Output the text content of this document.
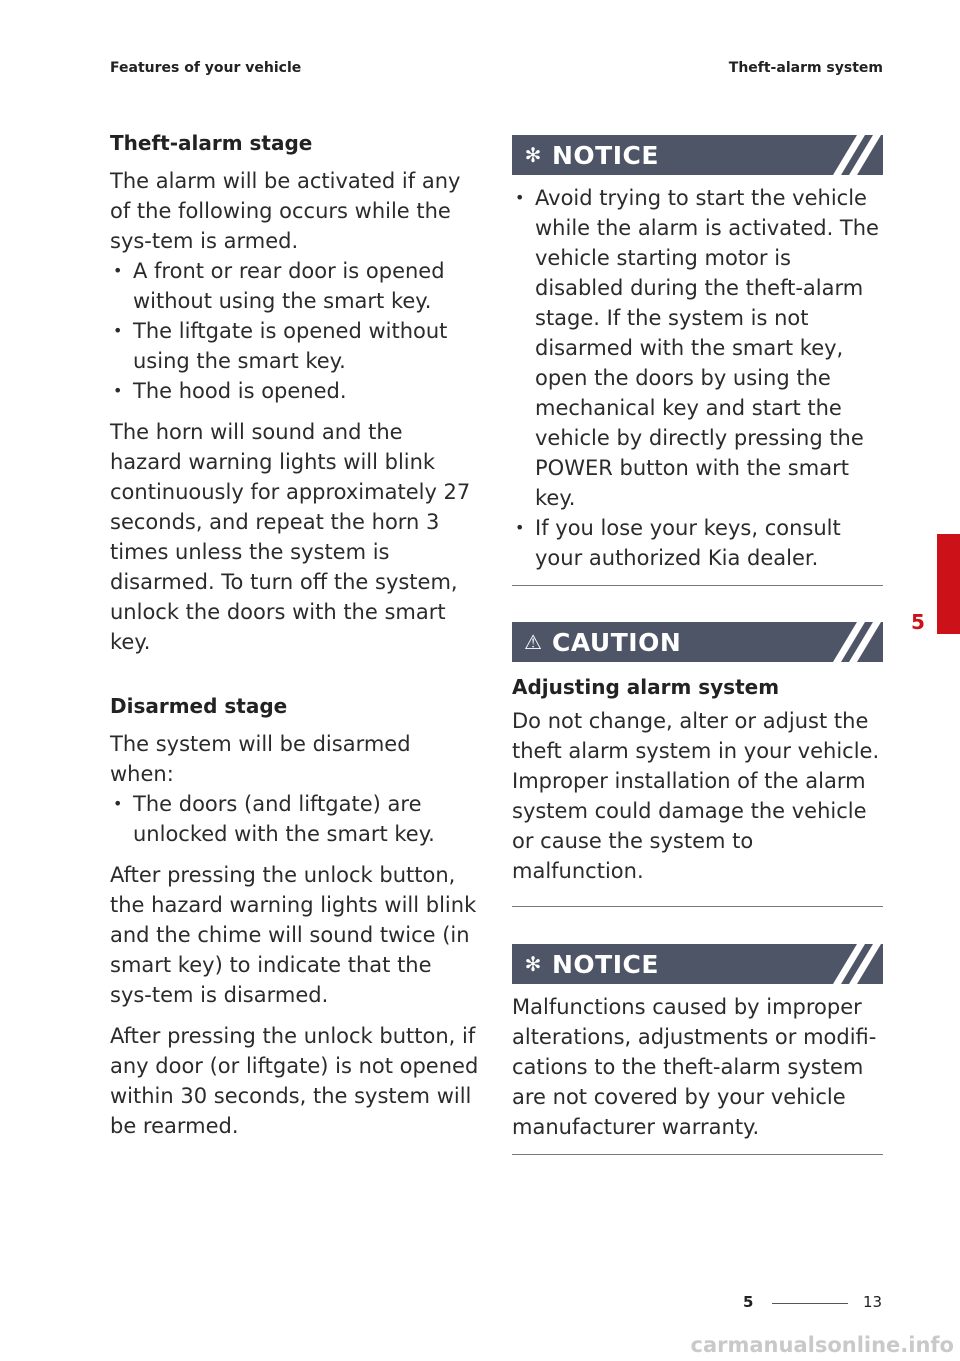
Features of your vehicle	Theft-alarm system
Theft-alarm stage

The alarm will be activated if any of the following occurs while the sys-tem is armed.

• A front or rear door is opened without using the smart key.
• The liftgate is opened without using the smart key.
• The hood is opened.

The horn will sound and the hazard warning lights will blink continuously for approximately 27 seconds, and repeat the horn 3 times unless the system is disarmed. To turn off the system, unlock the doors with the smart key.

Disarmed stage

The system will be disarmed when:

• The doors (and liftgate) are unlocked with the smart key.

After pressing the unlock button, the hazard warning lights will blink and the chime will sound twice (in smart key) to indicate that the sys-tem is disarmed.

After pressing the unlock button, if any door (or liftgate) is not opened within 30 seconds, the system will be rearmed.

✻ NOTICE
• Avoid trying to start the vehicle while the alarm is activated. The vehicle starting motor is disabled during the theft-alarm stage. If the system is not disarmed with the smart key, open the doors by using the mechanical key and start the vehicle by directly pressing the POWER button with the smart key.
• If you lose your keys, consult your authorized Kia dealer.
⚠ CAUTION
Adjusting alarm system

Do not change, alter or adjust the theft alarm system in your vehicle. Improper installation of the alarm system could damage the vehicle or cause the system to malfunction.

✻ NOTICE

Malfunctions caused by improper alterations, adjustments or modifi-cations to the theft-alarm system are not covered by your vehicle manufacturer warranty.

5
5	13
carmanualsonline.info
